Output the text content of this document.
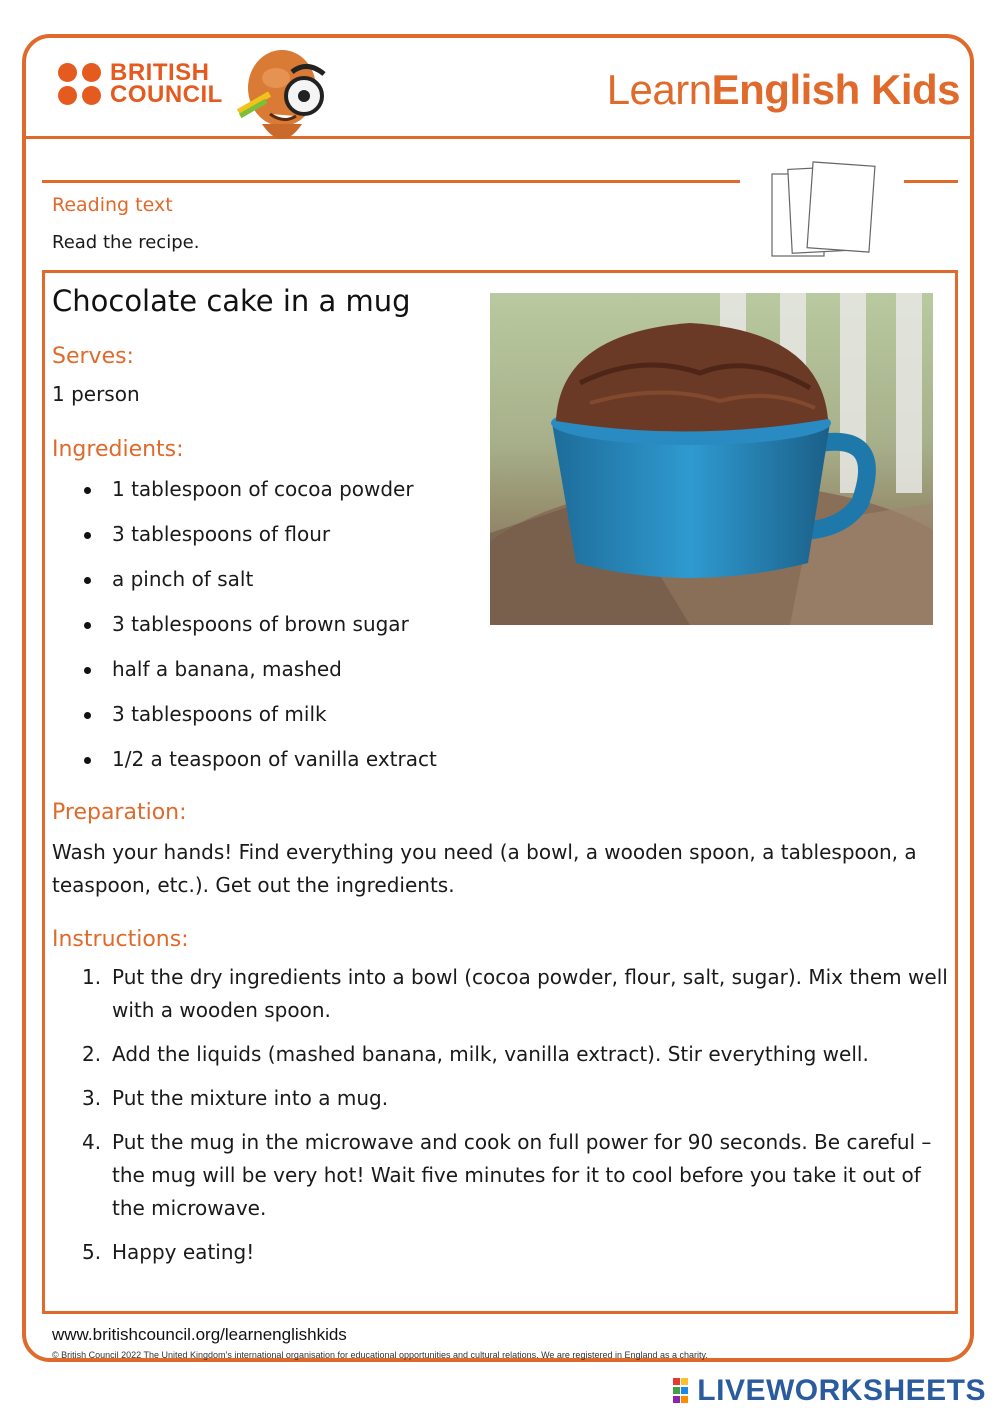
BRITISH
COUNCIL	LearnEnglish Kids
Reading text
Read the recipe.
Chocolate cake in a mug
Serves:
1 person
Ingredients:
1 tablespoon of cocoa powder
3 tablespoons of flour
a pinch of salt
3 tablespoons of brown sugar
half a banana, mashed
3 tablespoons of milk
1/2 a teaspoon of vanilla extract
Preparation:
Wash your hands! Find everything you need (a bowl, a wooden spoon, a tablespoon, a teaspoon, etc.). Get out the ingredients.
Instructions:
1. Put the dry ingredients into a bowl (cocoa powder, flour, salt, sugar). Mix them well with a wooden spoon.
2. Add the liquids (mashed banana, milk, vanilla extract). Stir everything well.
3. Put the mixture into a mug.
4. Put the mug in the microwave and cook on full power for 90 seconds. Be careful – the mug will be very hot! Wait five minutes for it to cool before you take it out of the microwave.
5. Happy eating!
www.britishcouncil.org/learnenglishkids
© British Council 2022 The United Kingdom’s international organisation for educational opportunities and cultural relations. We are registered in England as a charity.
LIVEWORKSHEETS
